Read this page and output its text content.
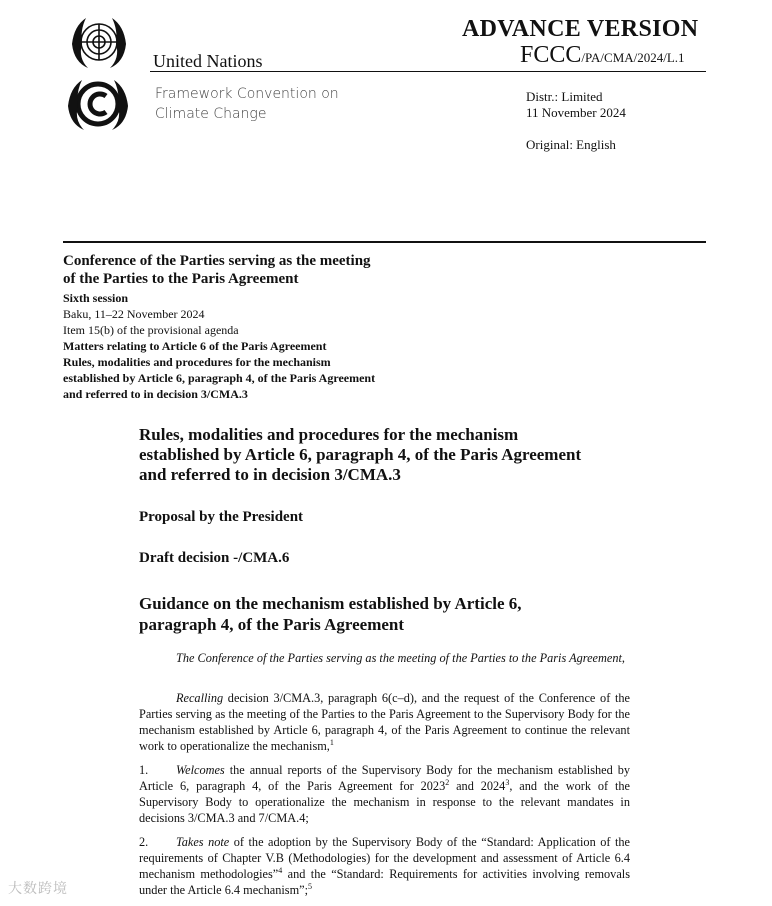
ADVANCE VERSION
FCCC/PA/CMA/2024/L.1
United Nations
Framework Convention on
Climate Change
Distr.: Limited
11 November 2024
Original: English
Conference of the Parties serving as the meeting
of the Parties to the Paris Agreement
Sixth session
Baku, 11–22 November 2024
Item 15(b) of the provisional agenda
Matters relating to Article 6 of the Paris Agreement
Rules, modalities and procedures for the mechanism
established by Article 6, paragraph 4, of the Paris Agreement
and referred to in decision 3/CMA.3
Rules, modalities and procedures for the mechanism
established by Article 6, paragraph 4, of the Paris Agreement
and referred to in decision 3/CMA.3
Proposal by the President
Draft decision -/CMA.6
Guidance on the mechanism established by Article 6,
paragraph 4, of the Paris Agreement
The Conference of the Parties serving as the meeting of the Parties to the Paris Agreement,
Recalling decision 3/CMA.3, paragraph 6(c–d), and the request of the Conference of the Parties serving as the meeting of the Parties to the Paris Agreement to the Supervisory Body for the mechanism established by Article 6, paragraph 4, of the Paris Agreement to continue the relevant work to operationalize the mechanism,$^1$
1. Welcomes the annual reports of the Supervisory Body for the mechanism established by Article 6, paragraph 4, of the Paris Agreement for 2023$^2$ and 2024$^3$, and the work of the Supervisory Body to operationalize the mechanism in response to the relevant mandates in decisions 3/CMA.3 and 7/CMA.4;
2. Takes note of the adoption by the Supervisory Body of the “Standard: Application of the requirements of Chapter V.B (Methodologies) for the development and assessment of Article 6.4 mechanism methodologies”$^4$ and the “Standard: Requirements for activities involving removals under the Article 6.4 mechanism”;$^5$
大数跨境
